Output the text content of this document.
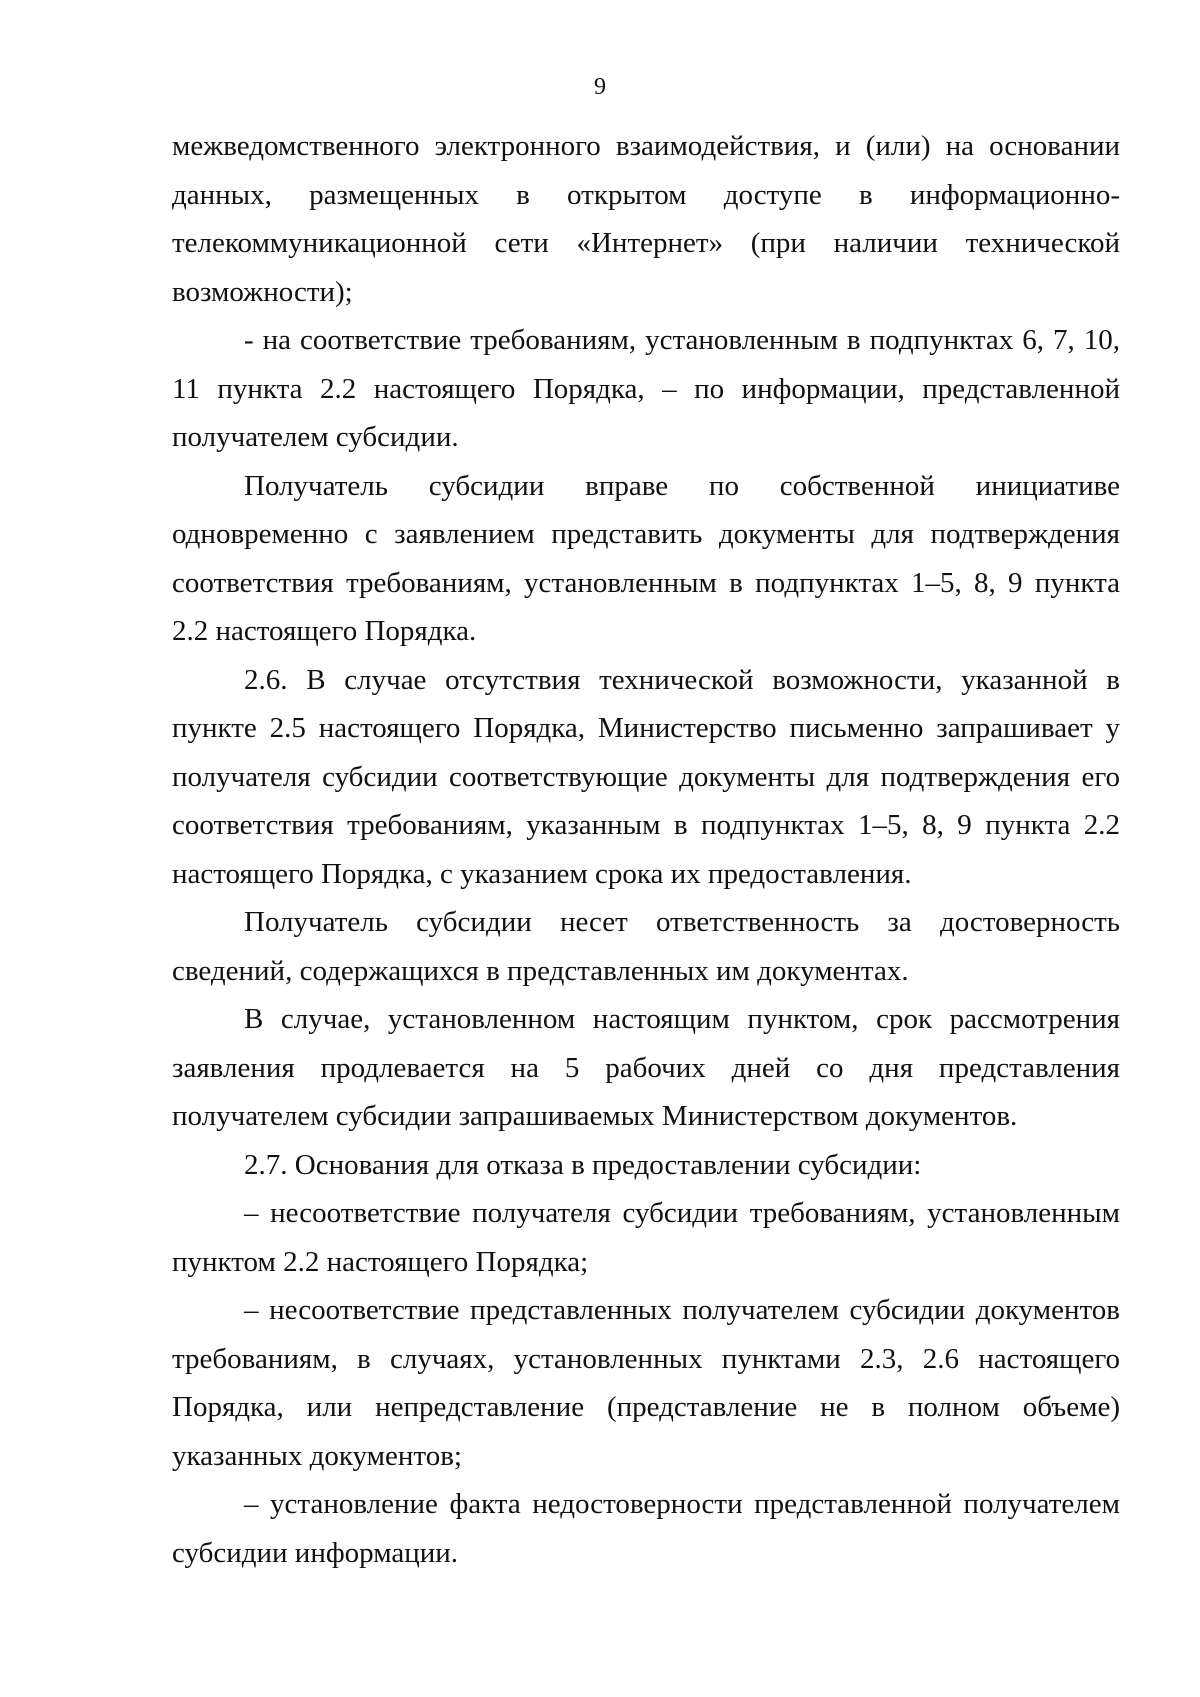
9

межведомственного электронного взаимодействия, и (или) на основании данных, размещенных в открытом доступе в информационно-телекоммуникационной сети «Интернет» (при наличии технической возможности);

- на соответствие требованиям, установленным в подпунктах 6, 7, 10, 11 пункта 2.2 настоящего Порядка, – по информации, представленной получателем субсидии.

Получатель субсидии вправе по собственной инициативе одновременно с заявлением представить документы для подтверждения соответствия требованиям, установленным в подпунктах 1–5, 8, 9 пункта 2.2 настоящего Порядка.

2.6. В случае отсутствия технической возможности, указанной в пункте 2.5 настоящего Порядка, Министерство письменно запрашивает у получателя субсидии соответствующие документы для подтверждения его соответствия требованиям, указанным в подпунктах 1–5, 8, 9 пункта 2.2 настоящего Порядка, с указанием срока их предоставления.

Получатель субсидии несет ответственность за достоверность сведений, содержащихся в представленных им документах.

В случае, установленном настоящим пунктом, срок рассмотрения заявления продлевается на 5 рабочих дней со дня представления получателем субсидии запрашиваемых Министерством документов.

2.7. Основания для отказа в предоставлении субсидии:

– несоответствие получателя субсидии требованиям, установленным пунктом 2.2 настоящего Порядка;

– несоответствие представленных получателем субсидии документов требованиям, в случаях, установленных пунктами 2.3, 2.6 настоящего Порядка, или непредставление (представление не в полном объеме) указанных документов;

– установление факта недостоверности представленной получателем субсидии информации.
